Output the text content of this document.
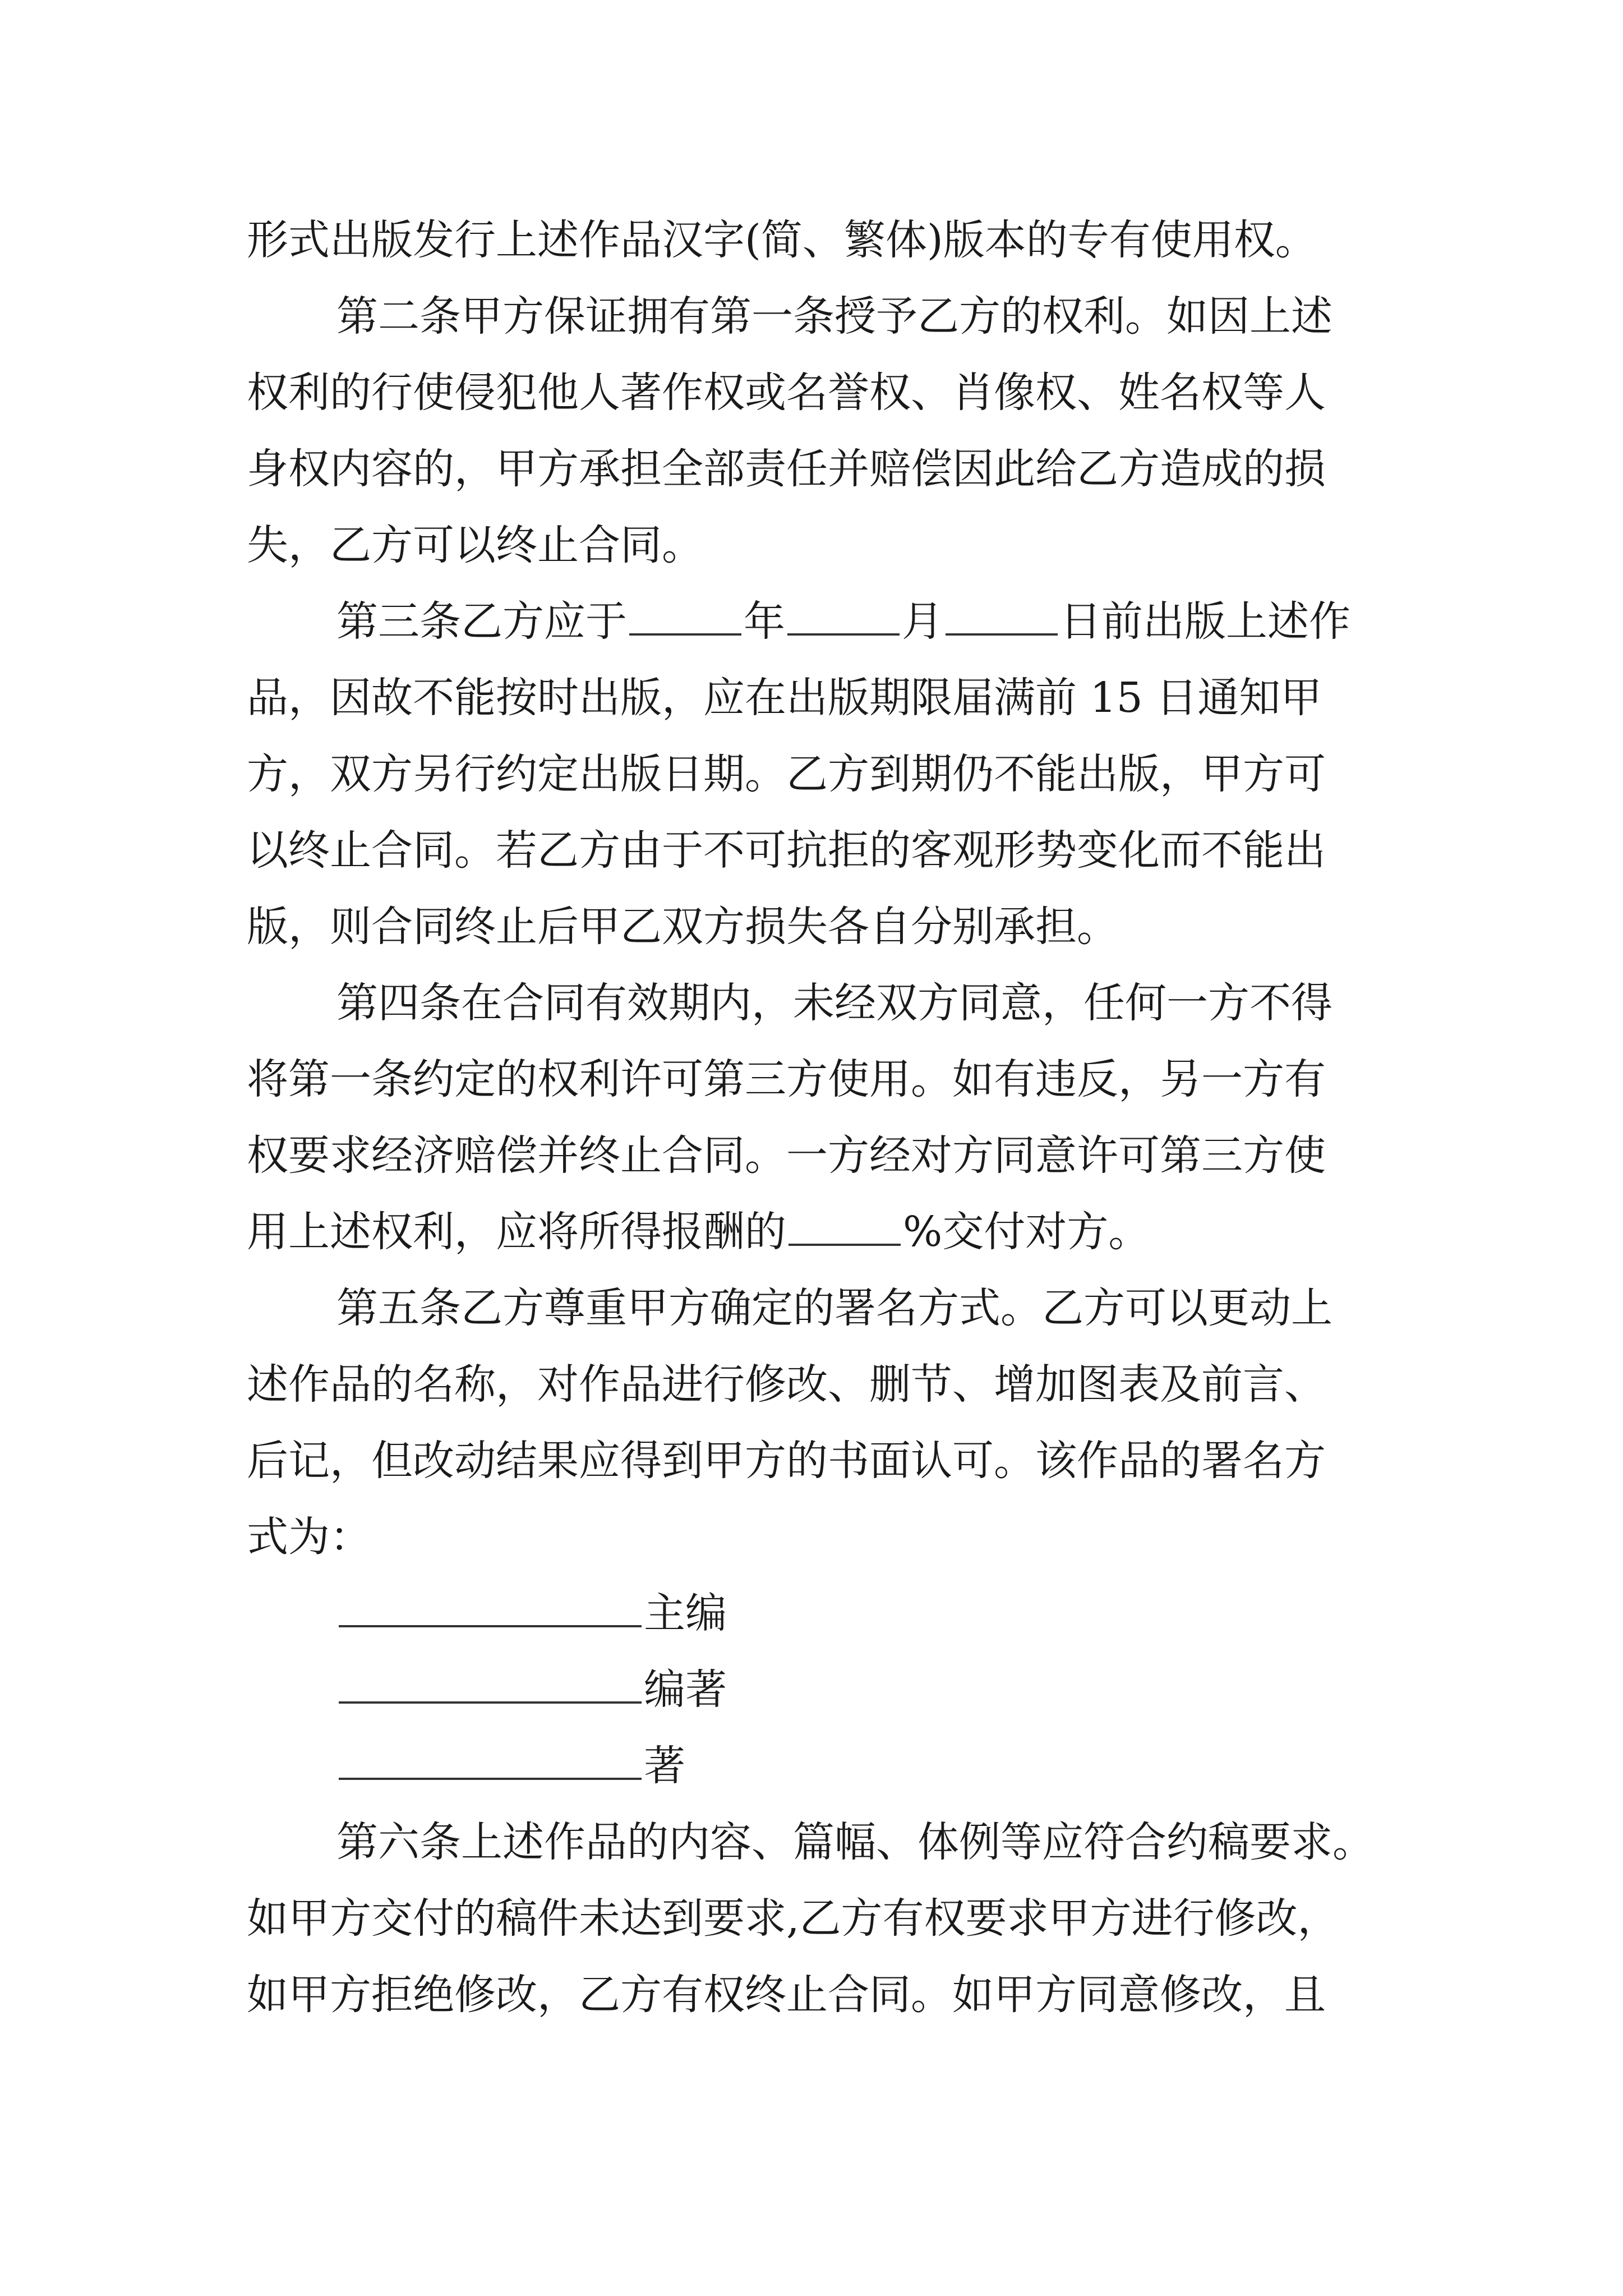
形式出版发行上述作品汉字(简、繁体)版本的专有使用权。
第二条甲方保证拥有第一条授予乙方的权利。如因上述
权利的行使侵犯他人著作权或名誉权、肖像权、姓名权等人
身权内容的，甲方承担全部责任并赔偿因此给乙方造成的损
失，乙方可以终止合同。
第三条乙方应于	年	月	日前出版上述作
品，因故不能按时出版，应在出版期限届满前 15 日通知甲
方，双方另行约定出版日期。乙方到期仍不能出版，甲方可
以终止合同。若乙方由于不可抗拒的客观形势变化而不能出
版，则合同终止后甲乙双方损失各自分别承担。
第四条在合同有效期内，未经双方同意，任何一方不得
将第一条约定的权利许可第三方使用。如有违反，另一方有
权要求经济赔偿并终止合同。一方经对方同意许可第三方使
用上述权利，应将所得报酬的	%交付对方。
第五条乙方尊重甲方确定的署名方式。乙方可以更动上
述作品的名称，对作品进行修改、删节、增加图表及前言、
后记，但改动结果应得到甲方的书面认可。该作品的署名方
式为：
主编
编著
著
第六条上述作品的内容、篇幅、体例等应符合约稿要求。
如甲方交付的稿件未达到要求,乙方有权要求甲方进行修改，
如甲方拒绝修改，乙方有权终止合同。如甲方同意修改，且
